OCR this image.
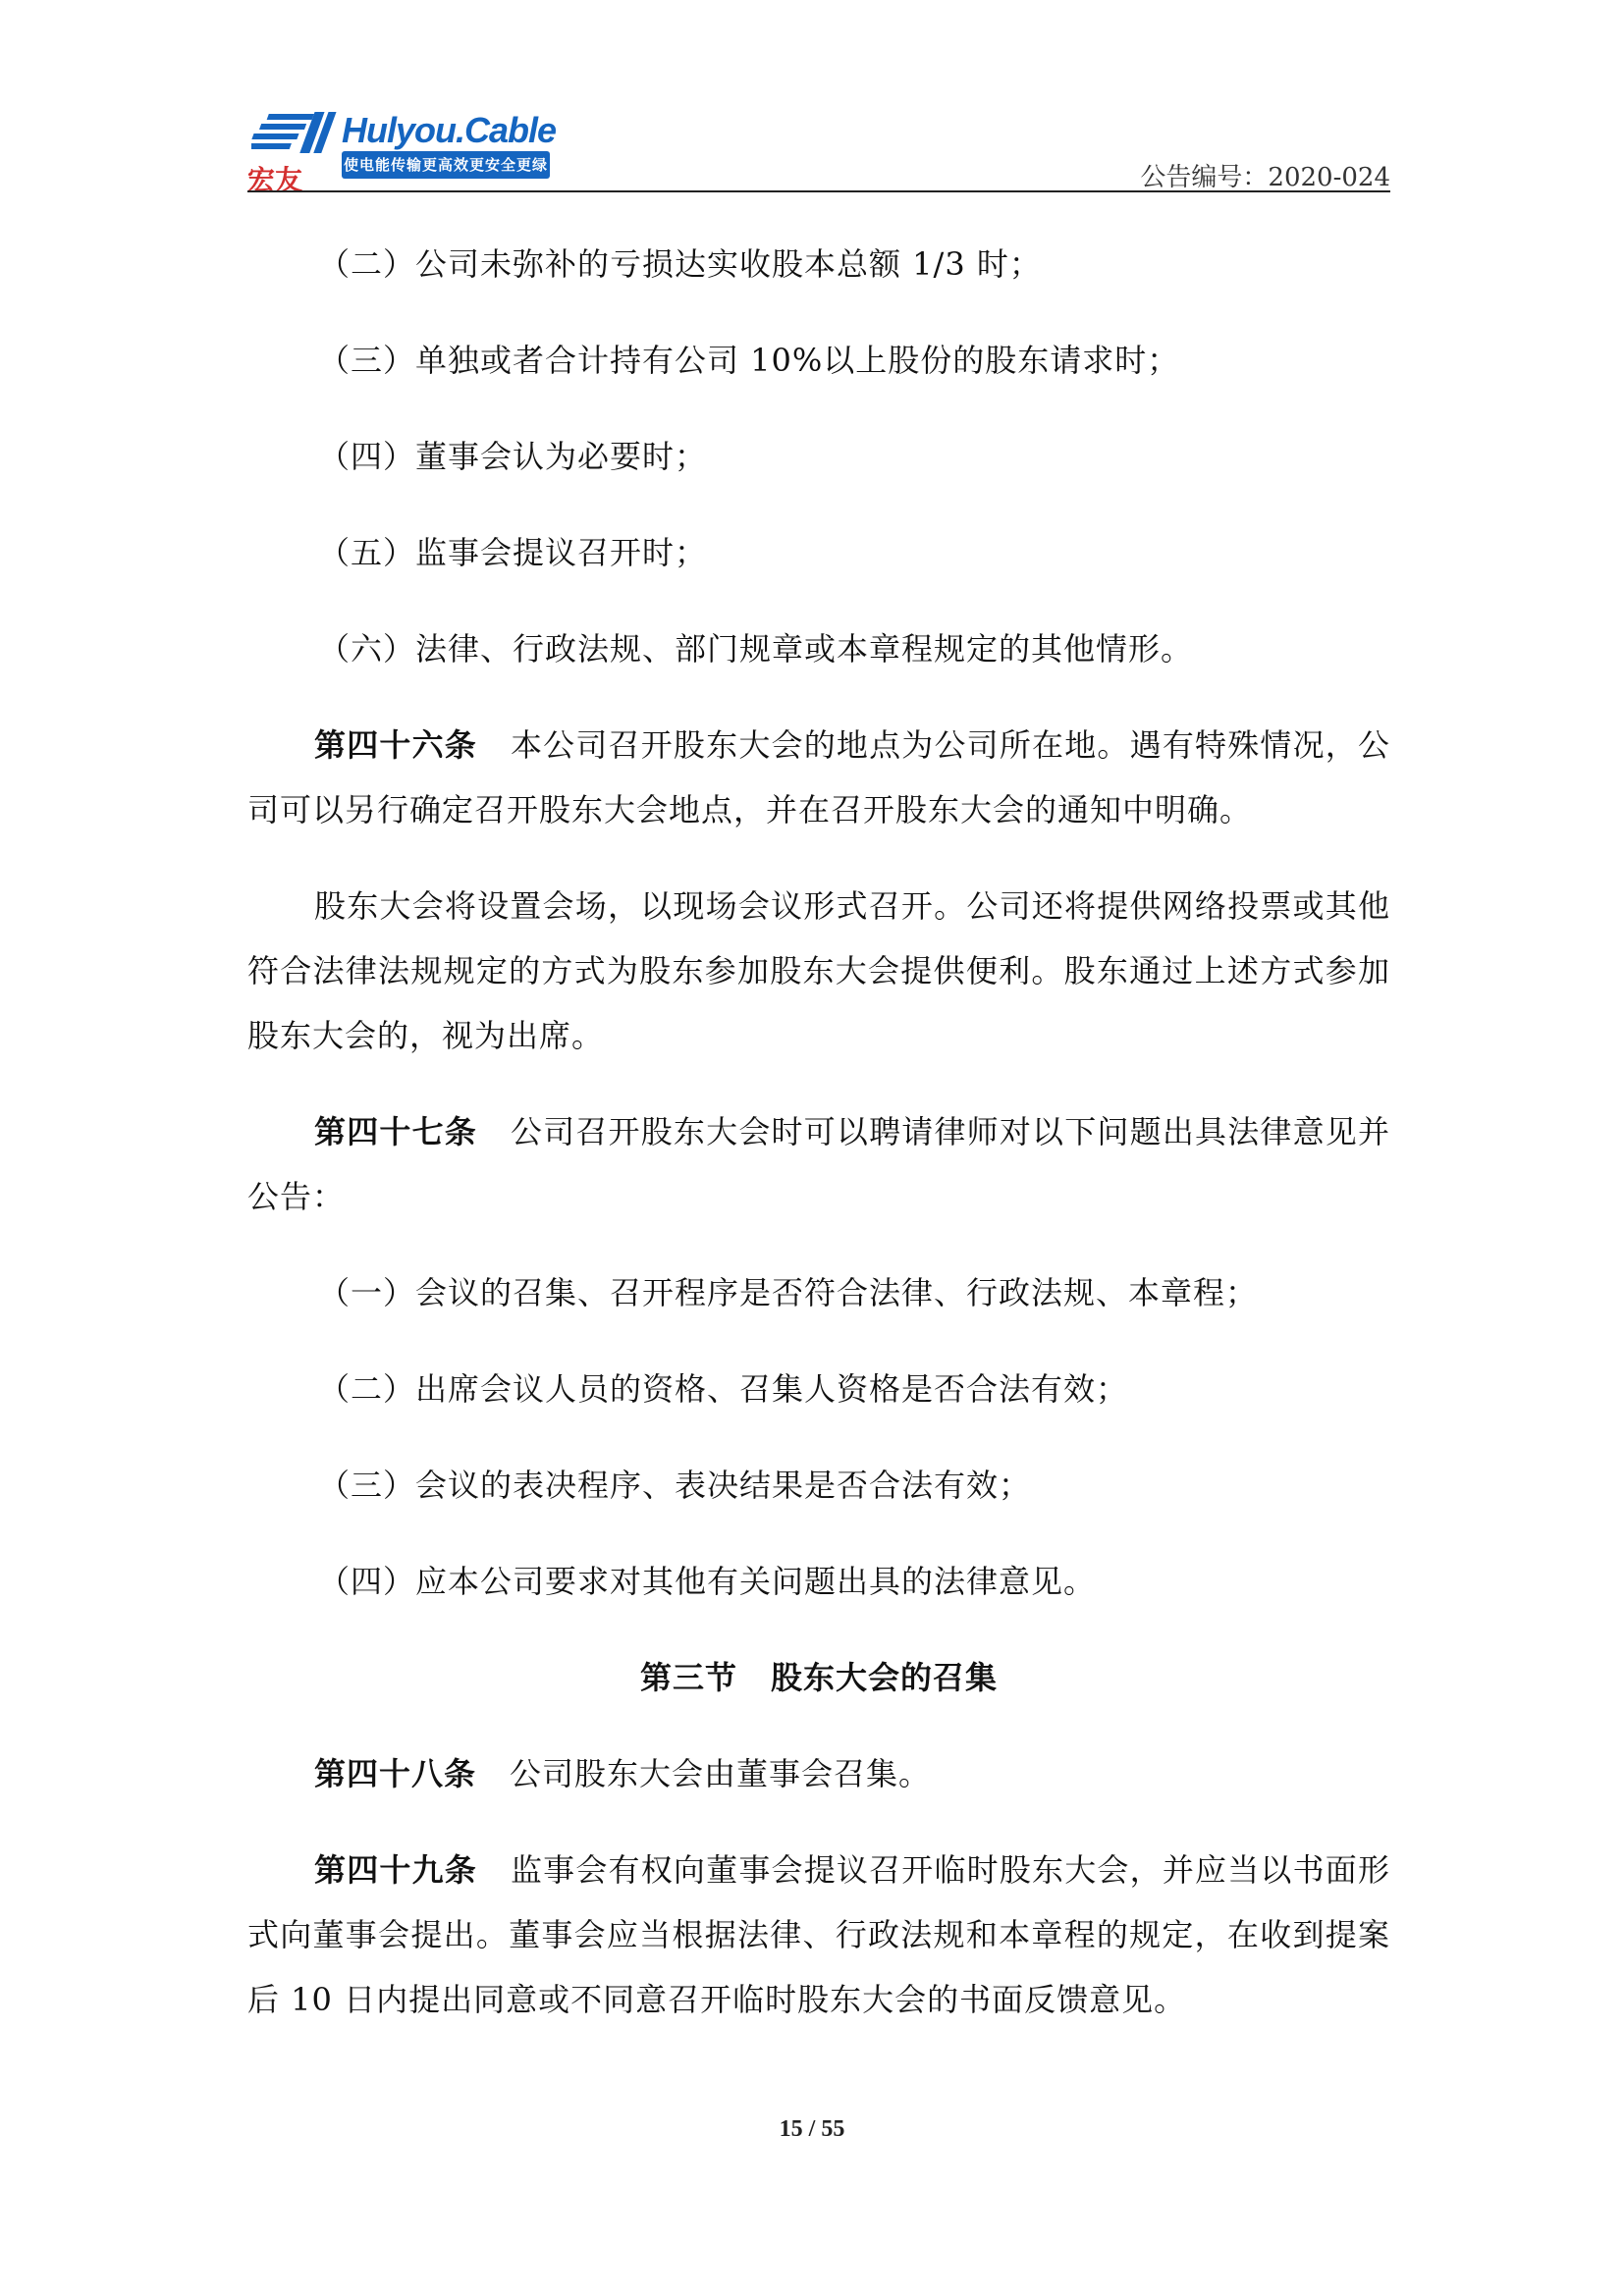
宏友
Hulyou.Cable
使电能传输更高效更安全更绿色	公告编号：2020-024

（二）公司未弥补的亏损达实收股本总额 1/3 时；

（三）单独或者合计持有公司 10%以上股份的股东请求时；

（四）董事会认为必要时；

（五）监事会提议召开时；

（六）法律、行政法规、部门规章或本章程规定的其他情形。

第四十六条 本公司召开股东大会的地点为公司所在地。遇有特殊情况，公司可以另行确定召开股东大会地点，并在召开股东大会的通知中明确。

股东大会将设置会场，以现场会议形式召开。公司还将提供网络投票或其他符合法律法规规定的方式为股东参加股东大会提供便利。股东通过上述方式参加股东大会的，视为出席。

第四十七条 公司召开股东大会时可以聘请律师对以下问题出具法律意见并公告：

（一）会议的召集、召开程序是否符合法律、行政法规、本章程；

（二）出席会议人员的资格、召集人资格是否合法有效；

（三）会议的表决程序、表决结果是否合法有效；

（四）应本公司要求对其他有关问题出具的法律意见。

第三节 股东大会的召集

第四十八条 公司股东大会由董事会召集。

第四十九条 监事会有权向董事会提议召开临时股东大会，并应当以书面形式向董事会提出。董事会应当根据法律、行政法规和本章程的规定，在收到提案后 10 日内提出同意或不同意召开临时股东大会的书面反馈意见。

15 / 55
